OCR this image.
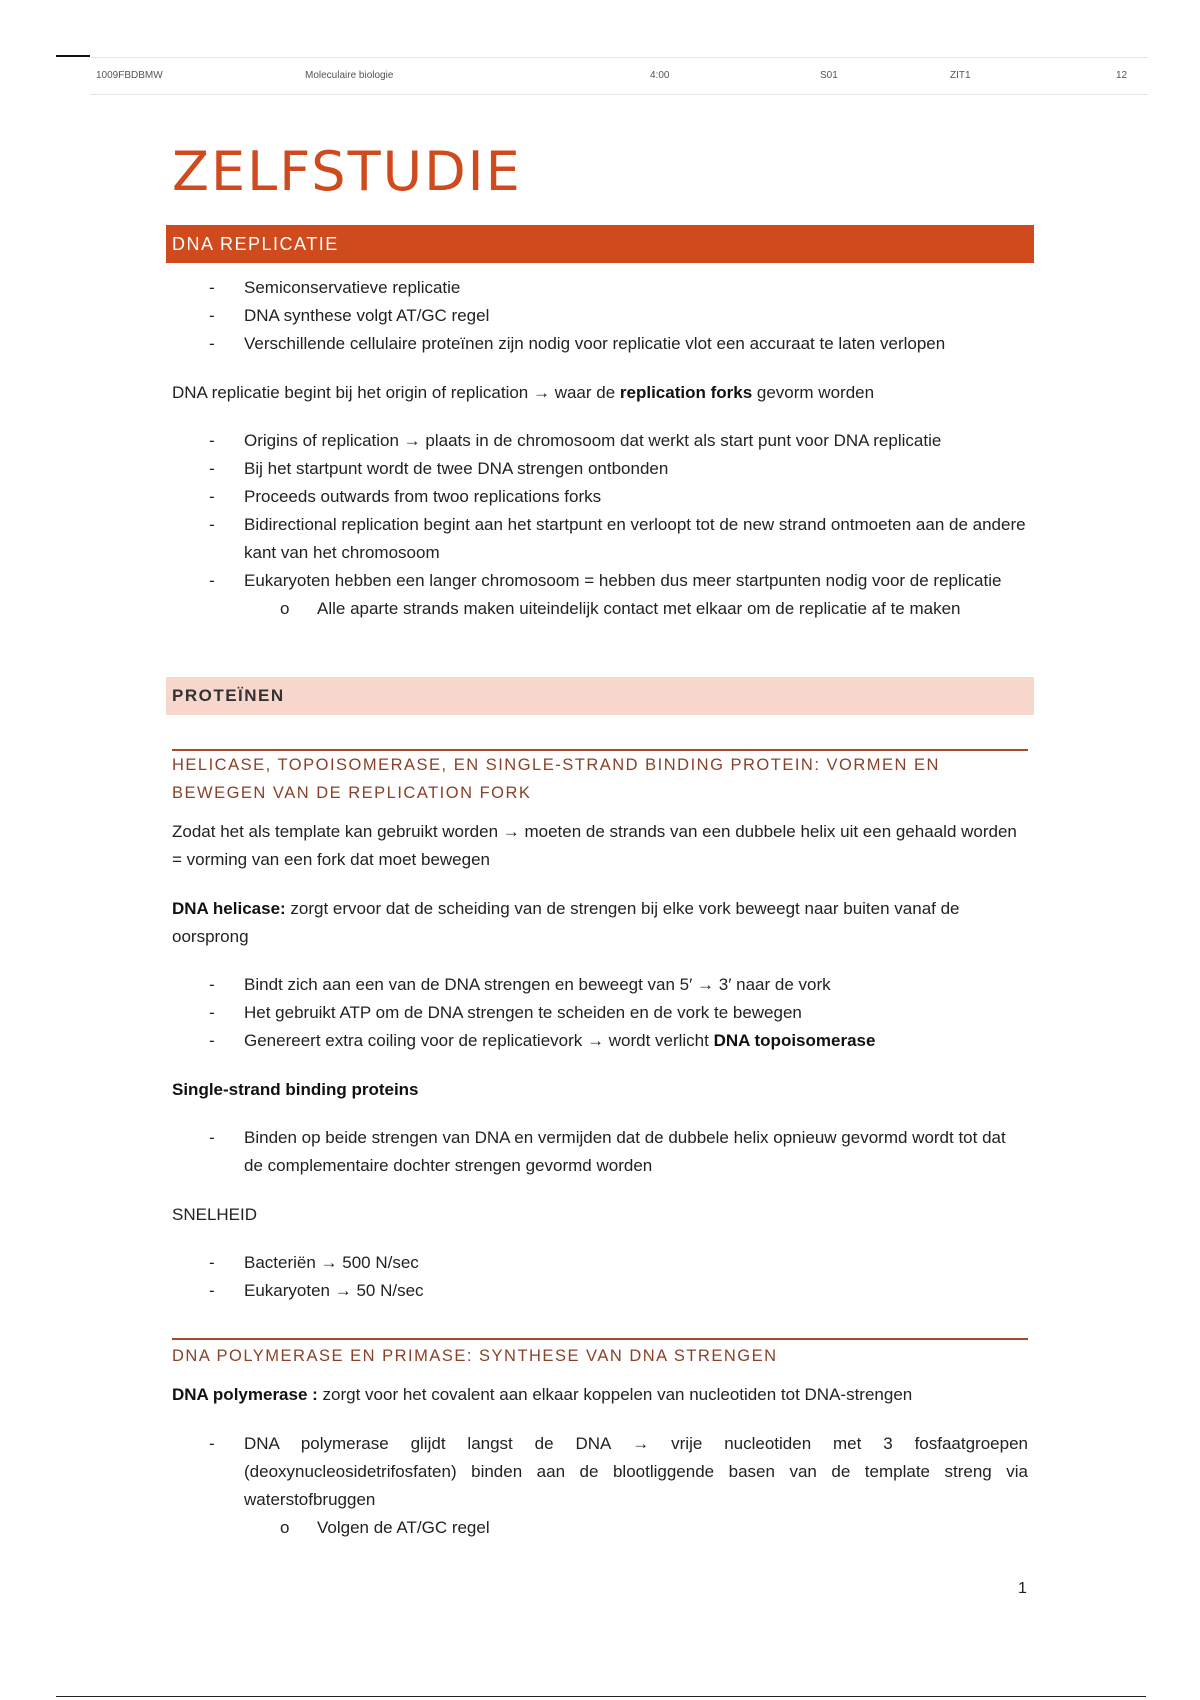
1009FBDBMW	Moleculaire biologie	4:00	S01	ZIT1	12
ZELFSTUDIE
DNA REPLICATIE
- Semiconservatieve replicatie
- DNA synthese volgt AT/GC regel
- Verschillende cellulaire proteïnen zijn nodig voor replicatie vlot een accuraat te laten verlopen
DNA replicatie begint bij het origin of replication → waar de replication forks gevorm worden
- Origins of replication → plaats in de chromosoom dat werkt als start punt voor DNA replicatie
- Bij het startpunt wordt de twee DNA strengen ontbonden
- Proceeds outwards from twoo replications forks
- Bidirectional replication begint aan het startpunt en verloopt tot de new strand ontmoeten aan de andere kant van het chromosoom
- Eukaryoten hebben een langer chromosoom = hebben dus meer startpunten nodig voor de replicatie
o Alle aparte strands maken uiteindelijk contact met elkaar om de replicatie af te maken
PROTEÏNEN
HELICASE, TOPOISOMERASE, EN SINGLE-STRAND BINDING PROTEIN: VORMEN EN BEWEGEN VAN DE REPLICATION FORK
Zodat het als template kan gebruikt worden → moeten de strands van een dubbele helix uit een gehaald worden = vorming van een fork dat moet bewegen
DNA helicase: zorgt ervoor dat de scheiding van de strengen bij elke vork beweegt naar buiten vanaf de oorsprong
- Bindt zich aan een van de DNA strengen en beweegt van 5′ → 3′ naar de vork
- Het gebruikt ATP om de DNA strengen te scheiden en de vork te bewegen
- Genereert extra coiling voor de replicatievork → wordt verlicht DNA topoisomerase
Single-strand binding proteins
- Binden op beide strengen van DNA en vermijden dat de dubbele helix opnieuw gevormd wordt tot dat de complementaire dochter strengen gevormd worden
SNELHEID
- Bacteriën → 500 N/sec
- Eukaryoten → 50 N/sec
DNA POLYMERASE EN PRIMASE: SYNTHESE VAN DNA STRENGEN
DNA polymerase : zorgt voor het covalent aan elkaar koppelen van nucleotiden tot DNA-strengen
- DNA polymerase glijdt langst de DNA → vrije nucleotiden met 3 fosfaatgroepen (deoxynucleosidetrifosfaten) binden aan de blootliggende basen van de template streng via waterstofbruggen
o Volgen de AT/GC regel
1
